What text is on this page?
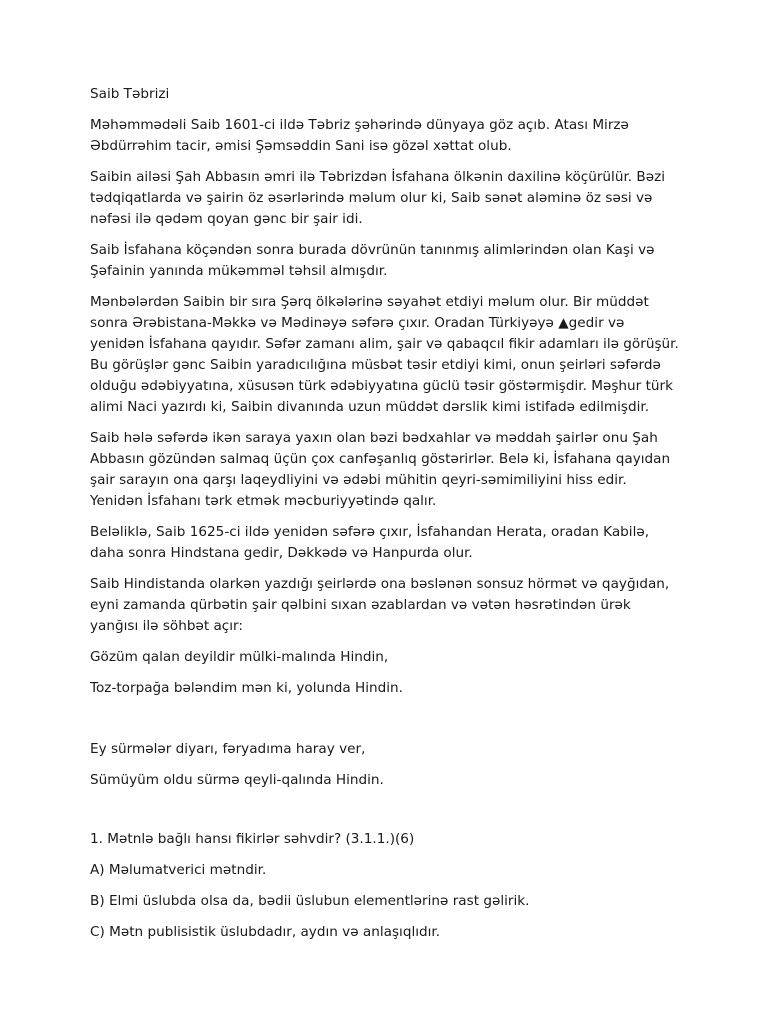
Saib Təbrizi

Məhəmmədəli Saib 1601-ci ildə Təbriz şəhərində dünyaya göz açıb. Atası Mirzə Əbdürrəhim tacir, əmisi Şəmsəddin Sani isə gözəl xəttat olub.

Saibin ailəsi Şah Abbasın əmri ilə Təbrizdən İsfahana ölkənin daxilinə köçürülür. Bəzi tədqiqatlarda və şairin öz əsərlərində məlum olur ki, Saib sənət aləminə öz səsi və nəfəsi ilə qədəm qoyan gənc bir şair idi.

Saib İsfahana köçəndən sonra burada dövrünün tanınmış alimlərindən olan Kaşi və Şəfainin yanında mükəmməl təhsil almışdır.

Mənbələrdən Saibin bir sıra Şərq ölkələrinə səyahət etdiyi məlum olur. Bir müddət sonra Ərəbistana-Məkkə və Mədinəyə səfərə çıxır. Oradan Türkiyəyə ▲gedir və yenidən İsfahana qayıdır. Səfər zamanı alim, şair və qabaqcıl fikir adamları ilə görüşür. Bu görüşlər gənc Saibin yaradıcılığına müsbət təsir etdiyi kimi, onun şeirləri səfərdə olduğu ədəbiyyatına, xüsusən türk ədəbiyyatına güclü təsir göstərmişdir. Məşhur türk alimi Naci yazırdı ki, Saibin divanında uzun müddət dərslik kimi istifadə edilmişdir.

Saib hələ səfərdə ikən saraya yaxın olan bəzi bədxahlar və məddah şairlər onu Şah Abbasın gözündən salmaq üçün çox canfəşanlıq göstərirlər. Belə ki, İsfahana qayıdan şair sarayın ona qarşı laqeydliyini və ədəbi mühitin qeyri-səmimiliyini hiss edir. Yenidən İsfahanı tərk etmək məcburiyyətində qalır.

Beləliklə, Saib 1625-ci ildə yenidən səfərə çıxır, İsfahandan Herata, oradan Kabilə, daha sonra Hindstana gedir, Dəkkədə və Hanpurda olur.

Saib Hindistanda olarkən yazdığı şeirlərdə ona bəslənən sonsuz hörmət və qayğıdan, eyni zamanda qürbətin şair qəlbini sıxan əzablardan və vətən həsrətindən ürək yanğısı ilə söhbət açır:

Gözüm qalan deyildir mülki-malında Hindin,

Toz-torpağa bələndim mən ki, yolunda Hindin.

Ey sürmələr diyarı, fəryadıma haray ver,

Sümüyüm oldu sürmə qeyli-qalında Hindin.

1. Mətnlə bağlı hansı fikirlər səhvdir? (3.1.1.)(6)

A) Məlumatverici mətndir.

B) Elmi üslubda olsa da, bədii üslubun elementlərinə rast gəlirik.

C) Mətn publisistik üslubdadır, aydın və anlaşıqlıdır.
